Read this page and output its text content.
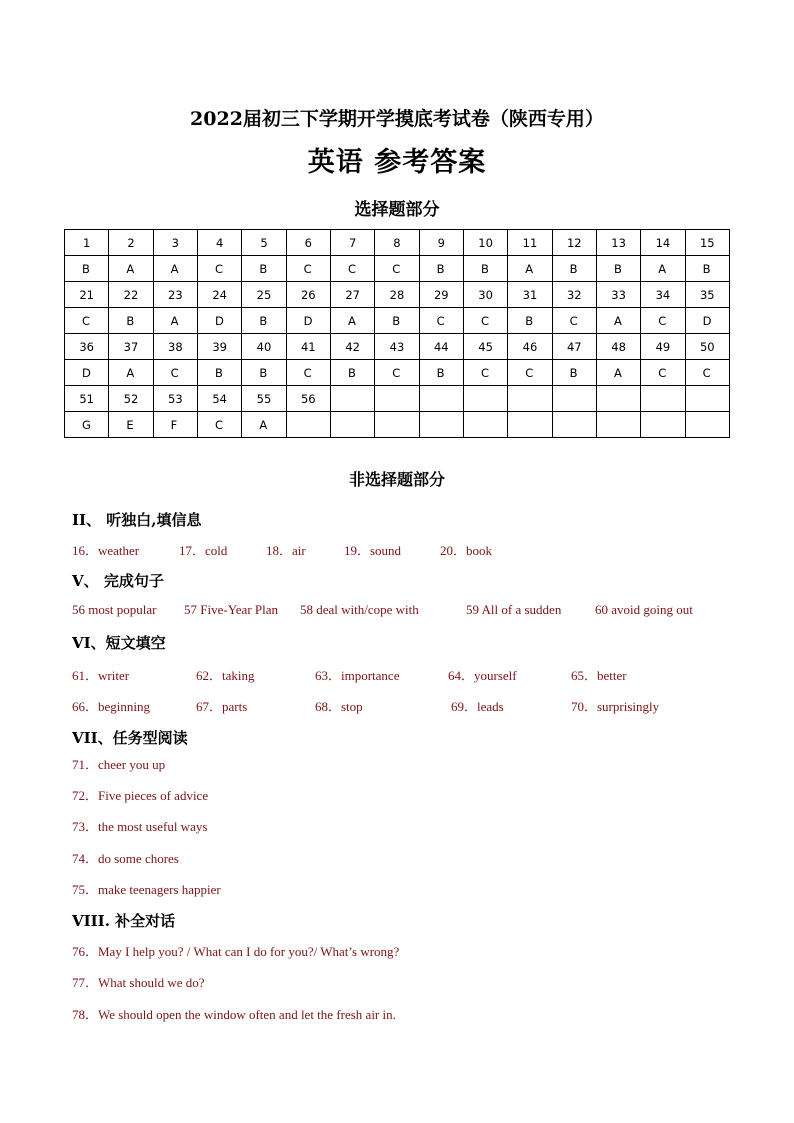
2022届初三下学期开学摸底考试卷（陕西专用）
英语 参考答案
选择题部分
1	2	3	4	5	6	7	8	9	10	11	12	13	14	15
B	A	A	C	B	C	C	C	B	B	A	B	B	A	B
21	22	23	24	25	26	27	28	29	30	31	32	33	34	35
C	B	A	D	B	D	A	B	C	C	B	C	A	C	D
36	37	38	39	40	41	42	43	44	45	46	47	48	49	50
D	A	C	B	B	C	B	C	B	C	C	B	A	C	C
51	52	53	54	55	56									
G	E	F	C	A										
非选择题部分
II、 听独白,填信息
16．weather	17．cold	18．air	19．sound	20．book
V、 完成句子
56 most popular 57 Five-Year Plan 58 deal with/cope with	59 All of a sudden	60 avoid going out
VI、短文填空
61．writer	62．taking	63．importance	64．yourself	65．better
66．beginning	67．parts	68．stop	69．leads	70．surprisingly
VII、任务型阅读
71．cheer you up
72．Five pieces of advice
73．the most useful ways
74．do some chores
75．make teenagers happier
VIII. 补全对话
76．May I help you? / What can I do for you?/ What’s wrong?
77．What should we do?
78．We should open the window often and let the fresh air in.
